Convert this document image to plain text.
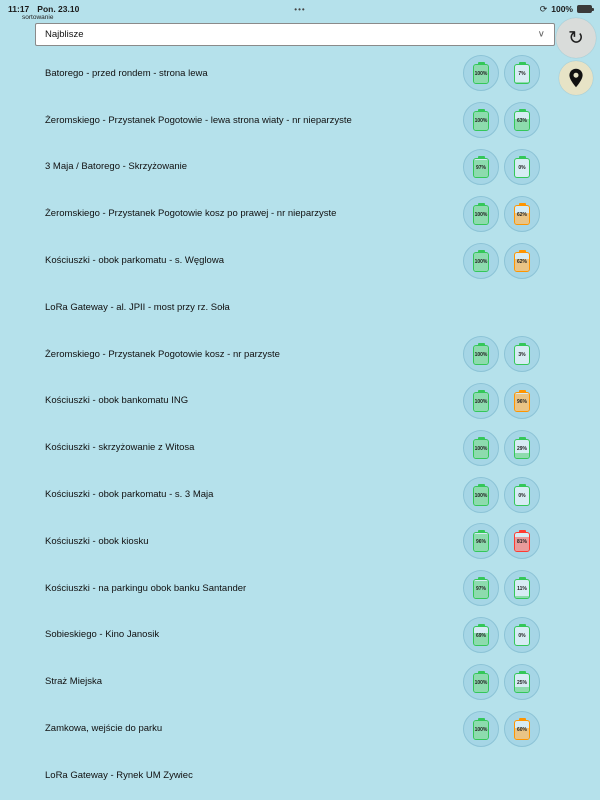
11:17 Pon. 23.10	•••	⟳ 100%
sortowanie
Najblisze	∨ ↻
Batorego - przed rondem - strona lewa	100%	7%
Żeromskiego - Przystanek Pogotowie - lewa strona wiaty - nr nieparzyste	100%	63%
3 Maja / Batorego - Skrzyżowanie	97%	0%
Żeromskiego - Przystanek Pogotowie kosz po prawej - nr nieparzyste	100%	62%
Kościuszki - obok parkomatu - s. Węglowa	100%	62%
LoRa Gateway - al. JPII - most przy rz. Soła
Żeromskiego - Przystanek Pogotowie kosz - nr parzyste	100%	3%
Kościuszki - obok bankomatu ING	100%	96%
Kościuszki - skrzyżowanie z Witosa	100%	29%
Kościuszki - obok parkomatu - s. 3 Maja	100%	0%
Kościuszki - obok kiosku	96%	81%
Kościuszki - na parkingu obok banku Santander	97%	11%
Sobieskiego - Kino Janosik	69%	0%
Straż Miejska	100%	25%
Zamkowa, wejście do parku	100%	60%
LoRa Gateway - Rynek UM Zywiec
